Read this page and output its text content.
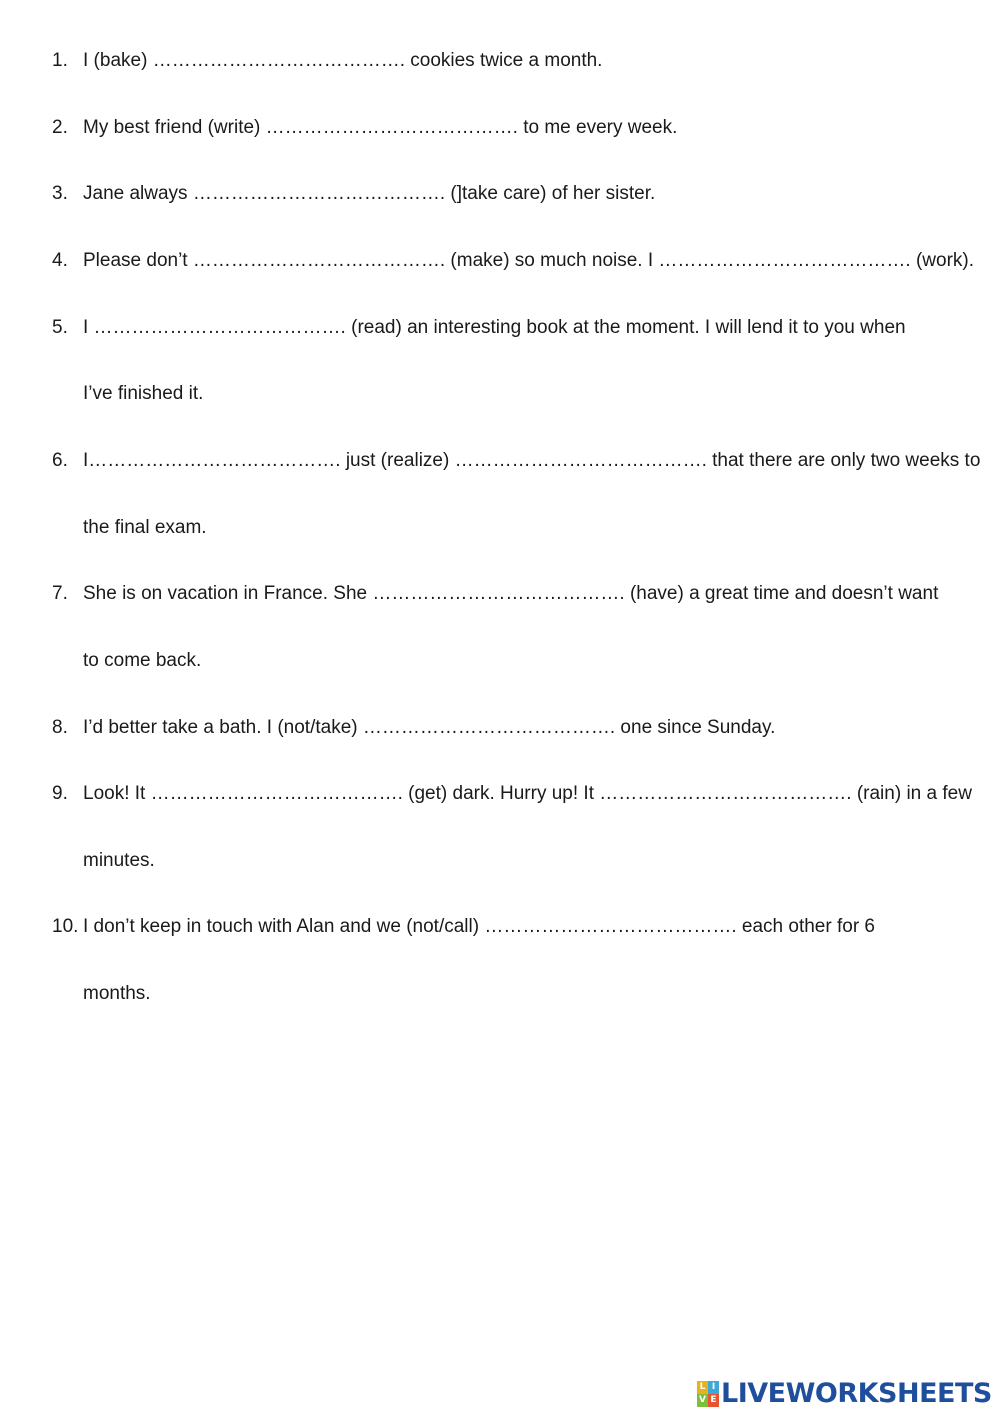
1. I (bake) …………………………………. cookies twice a month.
2. My best friend (write) …………………………………. to me every week.
3. Jane always …………………………………. (]take care) of her sister.
4. Please don’t …………………………………. (make) so much noise. I …………………………………. (work).
5. I …………………………………. (read) an interesting book at the moment. I will lend it to you when
I’ve finished it.
6. I…………………………………. just (realize) …………………………………. that there are only two weeks to
the final exam.
7. She is on vacation in France. She …………………………………. (have) a great time and doesn’t want
to come back.
8. I’d better take a bath. I (not/take) …………………………………. one since Sunday.
9. Look! It …………………………………. (get) dark. Hurry up! It …………………………………. (rain) in a few
minutes.
10. I don’t keep in touch with Alan and we (not/call) …………………………………. each other for 6
months.
L I
V E LIVEWORKSHEETS
